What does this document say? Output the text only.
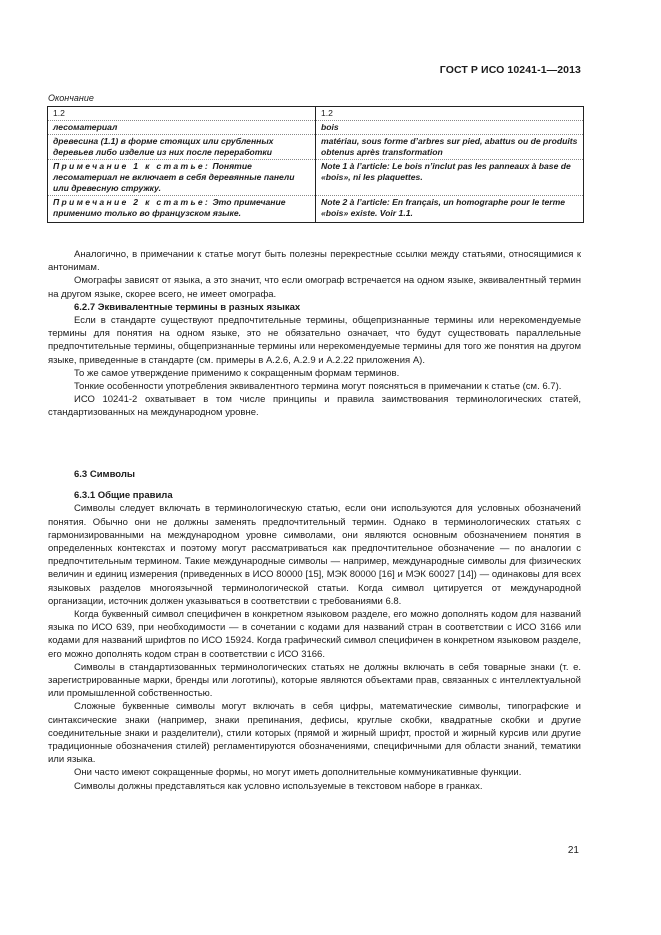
ГОСТ Р ИСО 10241-1—2013
Окончание
1.2	1.2
лесоматериал	bois
древесина (1.1) в форме стоящих или срубленных деревьев либо изделие из них после переработки	matériau, sous forme d’arbres sur pied, abattus ou de produits obtenus après transformation
Примечание 1 к статье: Понятие лесоматериал не включает в себя деревянные панели или древесную стружку.	Note 1 à l’article: Le bois n’inclut pas les panneaux à base de «bois», ni les plaquettes.
Примечание 2 к статье: Это примечание применимо только во французском языке.	Note 2 à l’article: En français, un homographe pour le terme «bois» existe. Voir 1.1.

Аналогично, в примечании к статье могут быть полезны перекрестные ссылки между статьями, относящимися к антонимам.

Омографы зависят от языка, а это значит, что если омограф встречается на одном языке, эквивалентный термин на другом языке, скорее всего, не имеет омографа.

6.2.7 Эквивалентные термины в разных языках

Если в стандарте существуют предпочтительные термины, общепризнанные термины или нерекомендуемые термины для понятия на одном языке, это не обязательно означает, что будут существовать параллельные предпочтительные термины, общепризнанные термины или нерекомендуемые термины для того же понятия на другом языке, приведенные в стандарте (см. примеры в А.2.6, А.2.9 и А.2.22 приложения А).

То же самое утверждение применимо к сокращенным формам терминов.

Тонкие особенности употребления эквивалентного термина могут поясняться в примечании к статье (см. 6.7).

ИСО 10241-2 охватывает в том числе принципы и правила заимствования терминологических статей, стандартизованных на международном уровне.

6.3 Символы
6.3.1 Общие правила

Символы следует включать в терминологическую статью, если они используются для условных обозначений понятия. Обычно они не должны заменять предпочтительный термин. Однако в терминологических статьях с гармонизированными на международном уровне символами, они являются основным обозначением понятия в определенных контекстах и поэтому могут рассматриваться как предпочтительное обозначение — по аналогии с предпочтительным термином. Такие международные символы — например, международные символы для физических величин и единиц измерения (приведенных в ИСО 80000 [15], МЭК 80000 [16] и МЭК 60027 [14]) — одинаковы для всех языковых разделов многоязычной терминологической статьи. Когда символ цитируется от международной организации, источник должен указываться в соответствии с требованиями 6.8.

Когда буквенный символ специфичен в конкретном языковом разделе, его можно дополнять кодом для названий языка по ИСО 639, при необходимости — в сочетании с кодами для названий стран в соответствии с ИСО 3166 или кодами для названий шрифтов по ИСО 15924. Когда графический символ специфичен в конкретном языковом разделе, его можно дополнять кодом стран в соответствии с ИСО 3166.

Символы в стандартизованных терминологических статьях не должны включать в себя товарные знаки (т. е. зарегистрированные марки, бренды или логотипы), которые являются объектами прав, связанных с интеллектуальной или промышленной собственностью.

Сложные буквенные символы могут включать в себя цифры, математические символы, типографские и синтаксические знаки (например, знаки препинания, дефисы, круглые скобки, квадратные скобки и другие соединительные знаки и разделители), стили которых (прямой и жирный шрифт, простой и жирный курсив или другие традиционные обозначения стилей) регламентируются обозначениями, специфичными для области знаний, тематики или языка.

Они часто имеют сокращенные формы, но могут иметь дополнительные коммуникативные функции.

Символы должны представляться как условно используемые в текстовом наборе в гранках.

21
